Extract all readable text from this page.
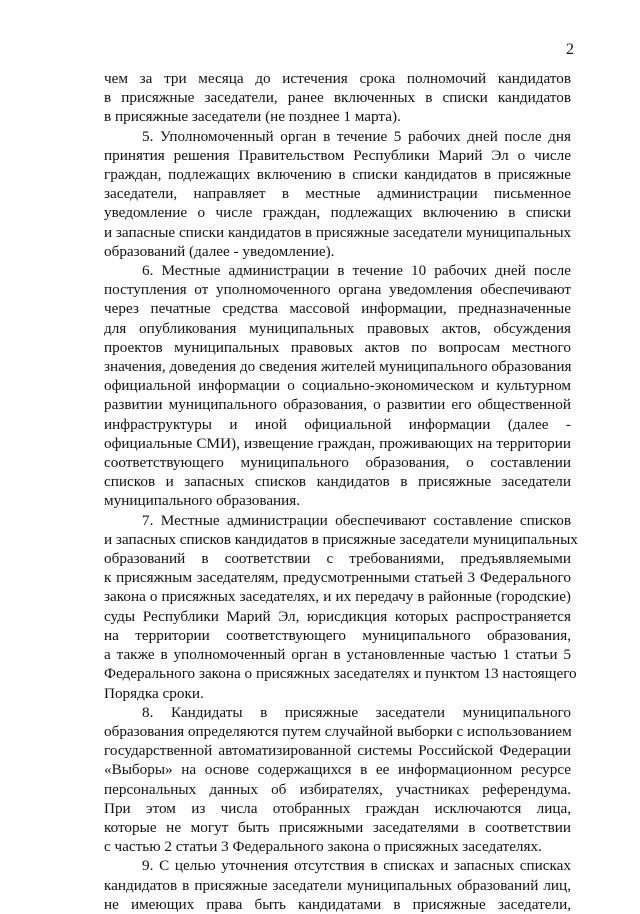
2
чем за три месяца до истечения срока полномочий кандидатов
в присяжные заседатели, ранее включенных в списки кандидатов
в присяжные заседатели (не позднее 1 марта).
5. Уполномоченный орган в течение 5 рабочих дней после дня
принятия решения Правительством Республики Марий Эл о числе
граждан, подлежащих включению в списки кандидатов в присяжные
заседатели, направляет в местные администрации письменное
уведомление о числе граждан, подлежащих включению в списки
и запасные списки кандидатов в присяжные заседатели муниципальных
образований (далее - уведомление).
6. Местные администрации в течение 10 рабочих дней после
поступления от уполномоченного органа уведомления обеспечивают
через печатные средства массовой информации, предназначенные
для опубликования муниципальных правовых актов, обсуждения
проектов муниципальных правовых актов по вопросам местного
значения, доведения до сведения жителей муниципального образования
официальной информации о социально-экономическом и культурном
развитии муниципального образования, о развитии его общественной
инфраструктуры и иной официальной информации (далее -
официальные СМИ), извещение граждан, проживающих на территории
соответствующего муниципального образования, о составлении
списков и запасных списков кандидатов в присяжные заседатели
муниципального образования.
7. Местные администрации обеспечивают составление списков
и запасных списков кандидатов в присяжные заседатели муниципальных
образований в соответствии с требованиями, предъявляемыми
к присяжным заседателям, предусмотренными статьей 3 Федерального
закона о присяжных заседателях, и их передачу в районные (городские)
суды Республики Марий Эл, юрисдикция которых распространяется
на территории соответствующего муниципального образования,
а также в уполномоченный орган в установленные частью 1 статьи 5
Федерального закона о присяжных заседателях и пунктом 13 настоящего
Порядка сроки.
8. Кандидаты в присяжные заседатели муниципального
образования определяются путем случайной выборки с использованием
государственной автоматизированной системы Российской Федерации
«Выборы» на основе содержащихся в ее информационном ресурсе
персональных данных об избирателях, участниках референдума.
При этом из числа отобранных граждан исключаются лица,
которые не могут быть присяжными заседателями в соответствии
с частью 2 статьи 3 Федерального закона о присяжных заседателях.
9. С целью уточнения отсутствия в списках и запасных списках
кандидатов в присяжные заседатели муниципальных образований лиц,
не имеющих права быть кандидатами в присяжные заседатели,
